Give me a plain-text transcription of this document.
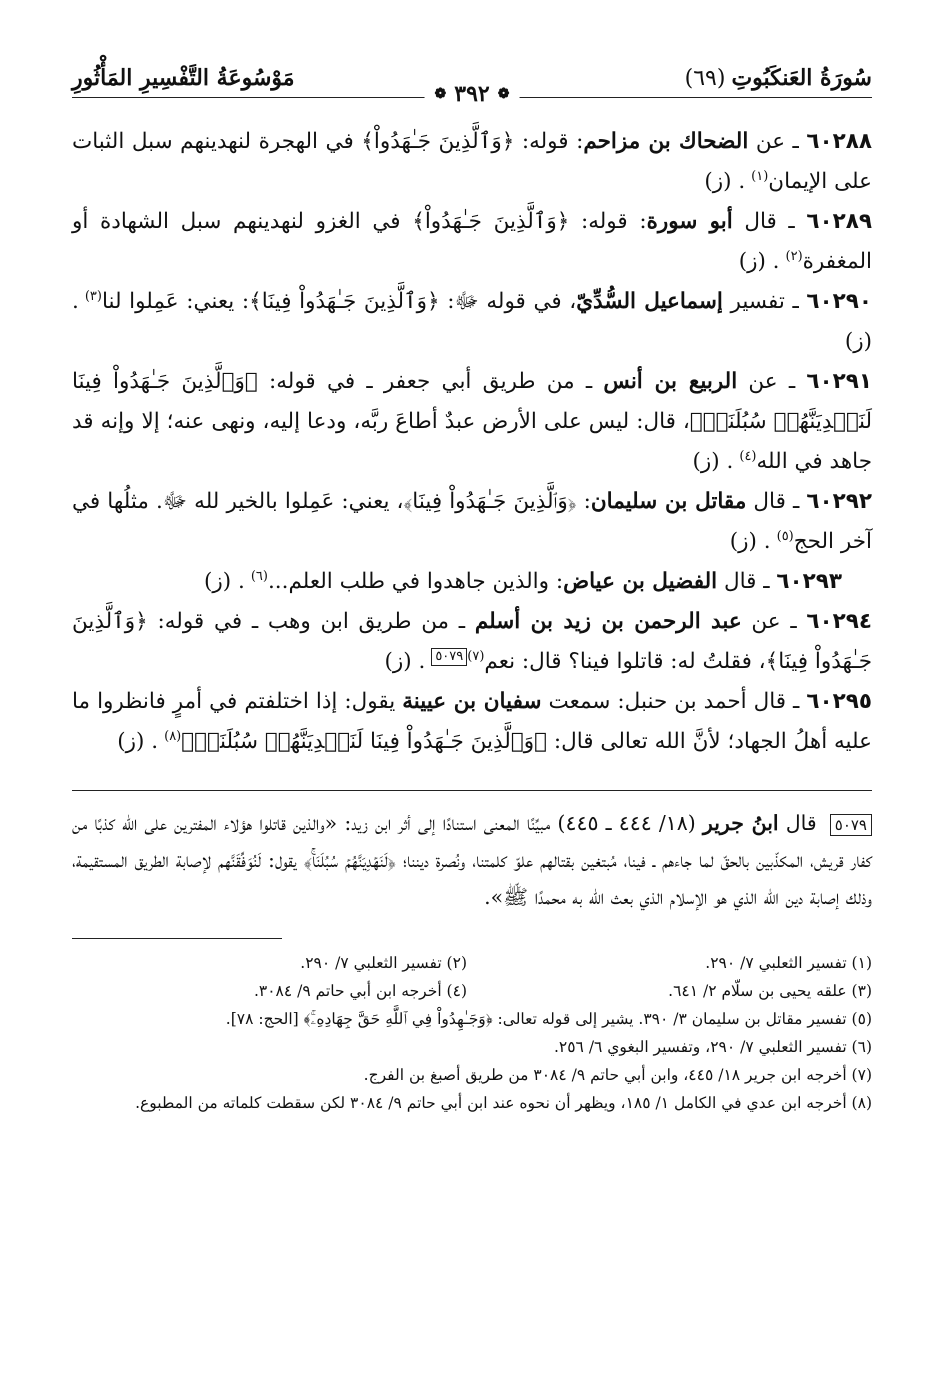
سُورَةُ العَنكَبُوتِ(٦٩)
❁
٣٩٢
❁
مَوْسُوعَةُ التَّفْسِيرِ المَأْثُورِ

٦٠٢٨٨ ـ عن الضحاك بن مزاحم: قوله: ﴿وَٱلَّذِينَ جَـٰهَدُواْ﴾ في الهجرة لنهدينهم سبل الثبات على الإيمان$^{(١)}$. (ز)

٦٠٢٨٩ ـ قال أبو سورة: قوله: ﴿وَٱلَّذِينَ جَـٰهَدُواْ﴾ في الغزو لنهدينهم سبل الشهادة أو المغفرة$^{(٢)}$. (ز)

٦٠٢٩٠ ـ تفسير إسماعيل السُّدِّيّ، في قوله ﷻ: ﴿وَٱلَّذِينَ جَـٰهَدُواْ فِينَا﴾: يعني: عَمِلوا لنا$^{(٣)}$. (ز)

٦٠٢٩١ ـ عن الربيع بن أنس ـ من طريق أبي جعفر ـ في قوله: ﴿وَٱلَّذِينَ جَـٰهَدُواْ فِينَا لَنَهۡدِيَنَّهُمۡ سُبُلَنَاۚ﴾، قال: ليس على الأرض عبدٌ أطاعَ ربَّه، ودعا إليه، ونهى عنه؛ إلا وإنه قد جاهد في الله$^{(٤)}$. (ز)

٦٠٢٩٢ ـ قال مقاتل بن سليمان: ﴿وَٱلَّذِينَ جَـٰهَدُواْ فِينَا﴾، يعني: عَمِلوا بالخير لله ﷻ. مثلُها في آخر الحج$^{(٥)}$. (ز)

٦٠٢٩٣ ـ قال الفضيل بن عياض: والذين جاهدوا في طلب العلم...$^{(٦)}$. (ز)

٦٠٢٩٤ ـ عن عبد الرحمن بن زيد بن أسلم ـ من طريق ابن وهب ـ في قوله: ﴿وَٱلَّذِينَ جَـٰهَدُواْ فِينَا﴾، فقلتُ له: قاتلوا فينا؟ قال: نعم$^{(٧)}$٥٠٧٩. (ز)

٦٠٢٩٥ ـ قال أحمد بن حنبل: سمعت سفيان بن عيينة يقول: إذا اختلفتم في أمرٍ فانظروا ما عليه أهلُ الجهاد؛ لأنَّ الله تعالى قال: ﴿وَٱلَّذِينَ جَـٰهَدُواْ فِينَا لَنَهۡدِيَنَّهُمۡ سُبُلَنَاۚ﴾$^{(٨)}$. (ز)

٥٠٧٩ قال ابنُ جرير (١٨/ ٤٤٤ ـ ٤٤٥) مبيِّنًا المعنى استنادًا إلى أثر ابن زيد: «والذين قاتلوا هؤلاء المفترين على الله كذبًا من كفار قريش، المكذّبين بالحقّ لما جاءهم ـ فينا، مُبتغين بقتالهم علوّ كلمتنا، ونُصرة ديننا؛ ﴿لَنَهۡدِيَنَّهُمۡ سُبُلَنَاۚ﴾ يقول: لَنُوَفِّقَنَّهم لإصابة الطريق المستقيمة، وذلك إصابة دين الله الذي هو الإسلام الذي بعث الله به محمدًا ﷺ».

(١) تفسير الثعلبي ٧/ ٢٩٠.
(٢) تفسير الثعلبي ٧/ ٢٩٠.
(٣) علقه يحيى بن سلّام ٢/ ٦٤١.
(٤) أخرجه ابن أبي حاتم ٩/ ٣٠٨٤.

(٥) تفسير مقاتل بن سليمان ٣/ ٣٩٠. يشير إلى قوله تعالى: ﴿وَجَـٰهِدُواْ فِي ٱللَّهِ حَقَّ جِهَادِهِۦۚ﴾ [الحج: ٧٨].

(٦) تفسير الثعلبي ٧/ ٢٩٠، وتفسير البغوي ٦/ ٢٥٦.

(٧) أخرجه ابن جرير ١٨/ ٤٤٥، وابن أبي حاتم ٩/ ٣٠٨٤ من طريق أصبغ بن الفرج.

(٨) أخرجه ابن عدي في الكامل ١/ ١٨٥، ويظهر أن نحوه عند ابن أبي حاتم ٩/ ٣٠٨٤ لكن سقطت كلماته من المطبوع.
